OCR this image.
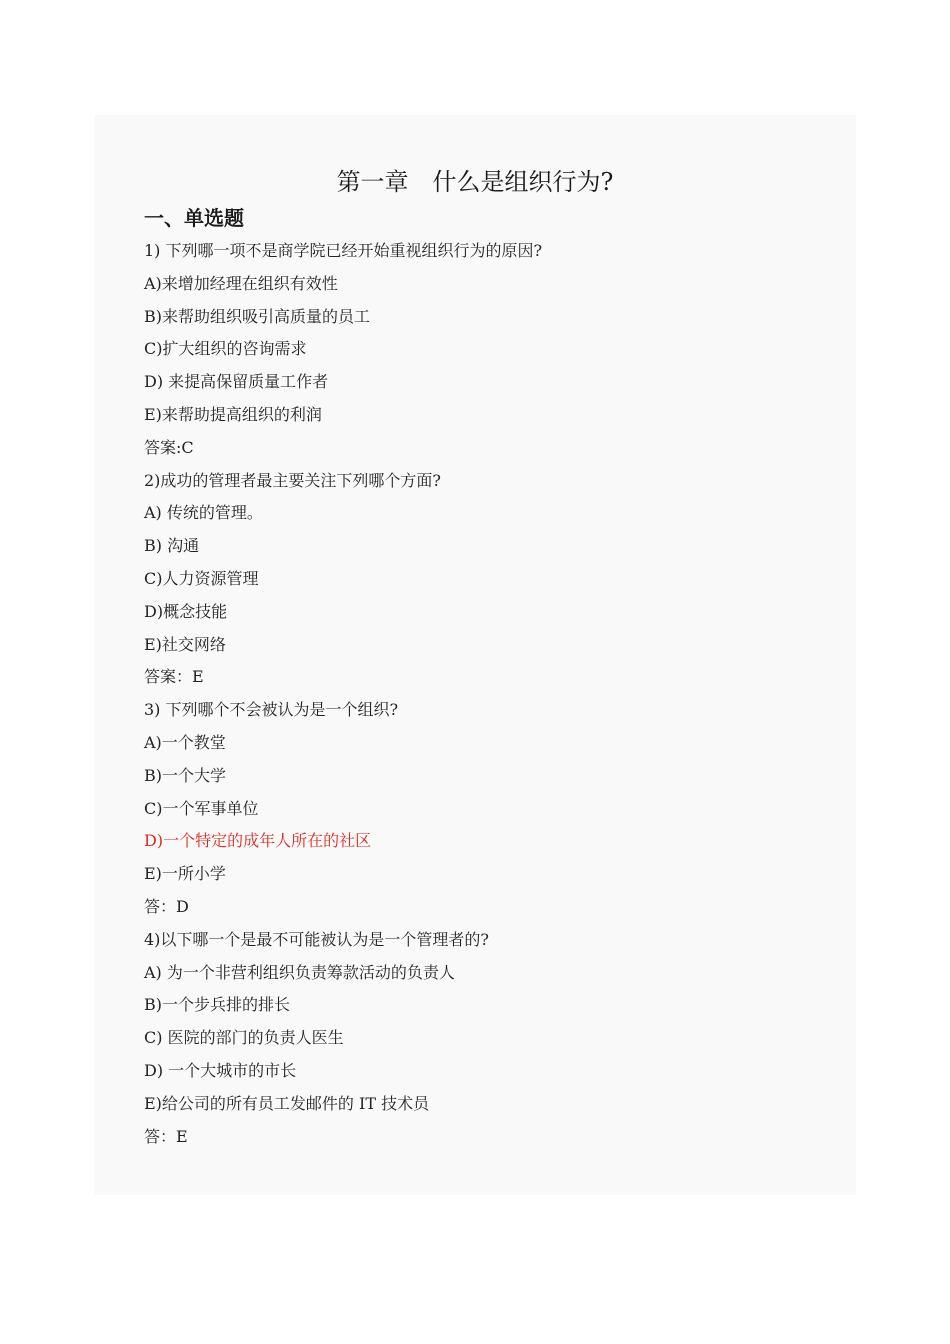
第一章　什么是组织行为?
一、单选题
1) 下列哪一项不是商学院已经开始重视组织行为的原因?
A)来增加经理在组织有效性
B)来帮助组织吸引高质量的员工
C)扩大组织的咨询需求
D) 来提高保留质量工作者
E)来帮助提高组织的利润
答案:C
2)成功的管理者最主要关注下列哪个方面?
A) 传统的管理。
B) 沟通
C)人力资源管理
D)概念技能
E)社交网络
答案：E
3) 下列哪个不会被认为是一个组织?
A)一个教堂
B)一个大学
C)一个军事单位
D)一个特定的成年人所在的社区
E)一所小学
答：D
4)以下哪一个是最不可能被认为是一个管理者的?
A) 为一个非营利组织负责筹款活动的负责人
B)一个步兵排的排长
C) 医院的部门的负责人医生
D) 一个大城市的市长
E)给公司的所有员工发邮件的 IT 技术员
答：E
